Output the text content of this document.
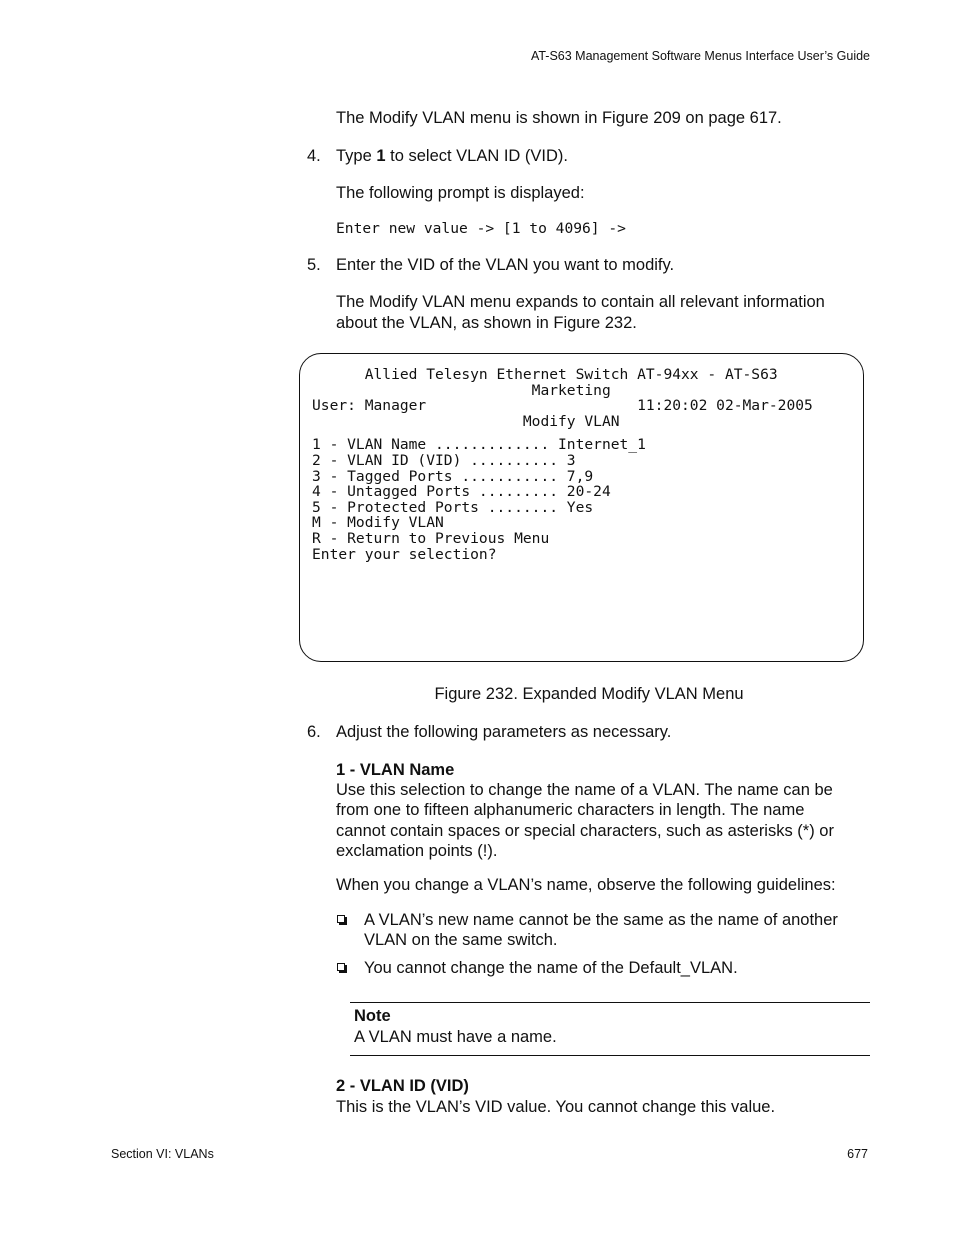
AT-S63 Management Software Menus Interface User’s Guide
The Modify VLAN menu is shown in Figure 209 on page 617.
4. Type 1 to select VLAN ID (VID).
The following prompt is displayed:
Enter new value -> [1 to 4096] ->
5. Enter the VID of the VLAN you want to modify.
The Modify VLAN menu expands to contain all relevant information
about the VLAN, as shown in Figure 232.
Allied Telesyn Ethernet Switch AT-94xx - AT-S63
Marketing
User: Manager                        11:20:02 02-Mar-2005
Modify VLAN
1 - VLAN Name ............. Internet_1
2 - VLAN ID (VID) .......... 3
3 - Tagged Ports ........... 7,9
4 - Untagged Ports ......... 20-24
5 - Protected Ports ........ Yes
M - Modify VLAN
R - Return to Previous Menu
Enter your selection?
Figure 232. Expanded Modify VLAN Menu
6. Adjust the following parameters as necessary.
1 - VLAN Name
Use this selection to change the name of a VLAN. The name can be
from one to fifteen alphanumeric characters in length. The name
cannot contain spaces or special characters, such as asterisks (*) or
exclamation points (!).
When you change a VLAN’s name, observe the following guidelines:
A VLAN’s new name cannot be the same as the name of another
VLAN on the same switch.
You cannot change the name of the Default_VLAN.
Note
A VLAN must have a name.
2 - VLAN ID (VID)
This is the VLAN’s VID value. You cannot change this value.
Section VI: VLANs	677
